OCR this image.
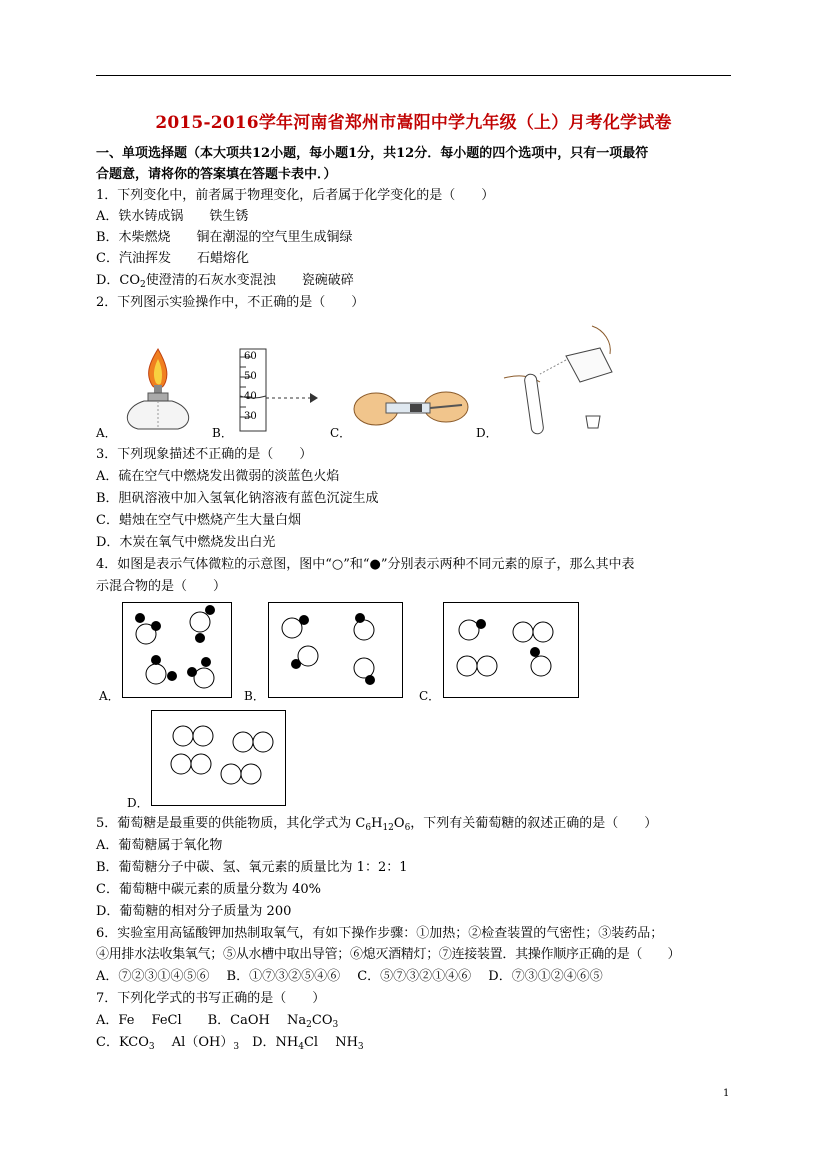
2015-2016学年河南省郑州市嵩阳中学九年级（上）月考化学试卷
一、单项选择题（本大项共12小题，每小题1分，共12分．每小题的四个选项中，只有一项最符
合题意，请将你的答案填在答题卡表中．）
1．下列变化中，前者属于物理变化，后者属于化学变化的是（　　）
A．铁水铸成锅　　铁生锈
B．木柴燃烧　　铜在潮湿的空气里生成铜绿
C．汽油挥发　　石蜡熔化
D．$CO_2$使澄清的石灰水变混浊　　瓷碗破碎
2．下列图示实验操作中，不正确的是（　　）
A．	B．	C．	D．
60
50
40
30
3．下列现象描述不正确的是（　　）
A．硫在空气中燃烧发出微弱的淡蓝色火焰
B．胆矾溶液中加入氢氧化钠溶液有蓝色沉淀生成
C．蜡烛在空气中燃烧产生大量白烟
D．木炭在氧气中燃烧发出白光
4．如图是表示气体微粒的示意图，图中“○”和“●”分别表示两种不同元素的原子，那么其中表
示混合物的是（　　）
A．	B．	C．
D．
5．葡萄糖是最重要的供能物质，其化学式为 $C_6H_{12}O_6$，下列有关葡萄糖的叙述正确的是（　　）
A．葡萄糖属于氧化物
B．葡萄糖分子中碳、氢、氧元素的质量比为 1：2：1
C．葡萄糖中碳元素的质量分数为 40%
D．葡萄糖的相对分子质量为 200
6．实验室用高锰酸钾加热制取氧气，有如下操作步骤：①加热；②检查装置的气密性；③装药品；
④用排水法收集氧气；⑤从水槽中取出导管；⑥熄灭酒精灯；⑦连接装置．其操作顺序正确的是（　　）
A．⑦②③①④⑤⑥　 B．①⑦③②⑤④⑥　 C．⑤⑦③②①④⑥　 D．⑦③①②④⑥⑤
7．下列化学式的书写正确的是（　　）
A．Fe　 FeCl　　B．CaOH　 $Na_2CO_3$
C．$KCO_3$　 $Al(OH)_3$　D．$NH_4Cl$　 $NH_3$
1
